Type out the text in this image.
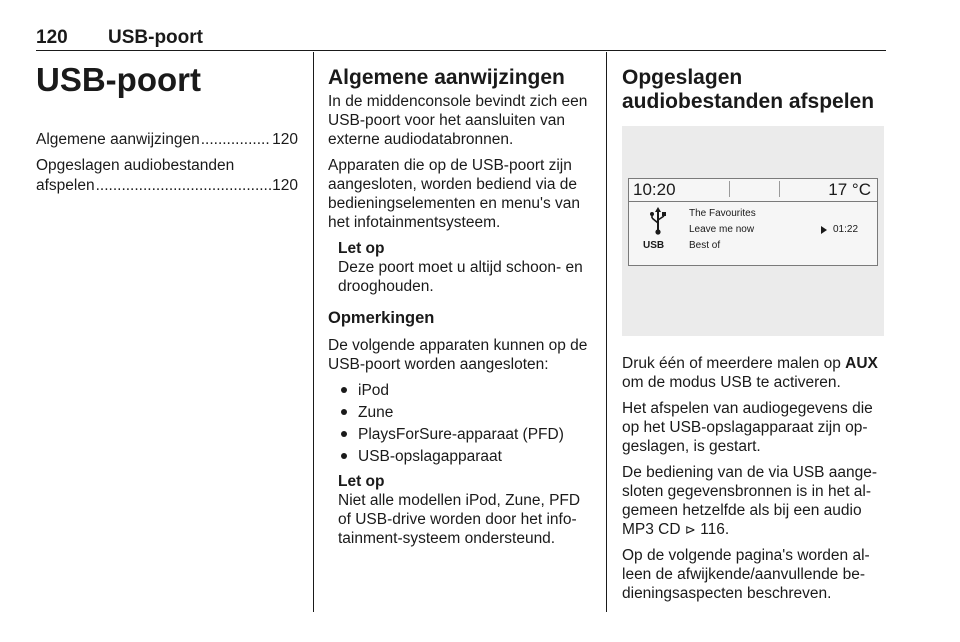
120 USB-poort
USB-poort
Algemene aanwijzingen .....	120
Opgeslagen audiobestanden
afspelen .....	120
Algemene aanwijzingen

In de middenconsole bevindt zich een USB-poort voor het aansluiten van externe audiodatabronnen.

Apparaten die op de USB-poort zijn aangesloten, worden bediend via de bedieningselementen en menu's van het infotainmentsysteem.

Let op
Deze poort moet u altijd schoon- en drooghouden.
Opmerkingen

De volgende apparaten kunnen op de USB-poort worden aangesloten:

iPod
Zune
PlaysForSure-apparaat (PFD)
USB-opslagapparaat
Let op
Niet alle modellen iPod, Zune, PFD of USB-drive worden door het info-tainment-systeem ondersteund.
Opgeslagen audiobestanden afspelen
10:20	17 °C
USB
The Favourites
Leave me now
Best of
01:22

Druk één of meerdere malen op AUX om de modus USB te activeren.

Het afspelen van audiogegevens die op het USB-opslagapparaat zijn op-geslagen, is gestart.

De bediening van de via USB aange-sloten gegevensbronnen is in het al-gemeen hetzelfde als bij een audio MP3 CD ⊳ 116.

Op de volgende pagina's worden al-leen de afwijkende/aanvullende be-dieningsaspecten beschreven.
